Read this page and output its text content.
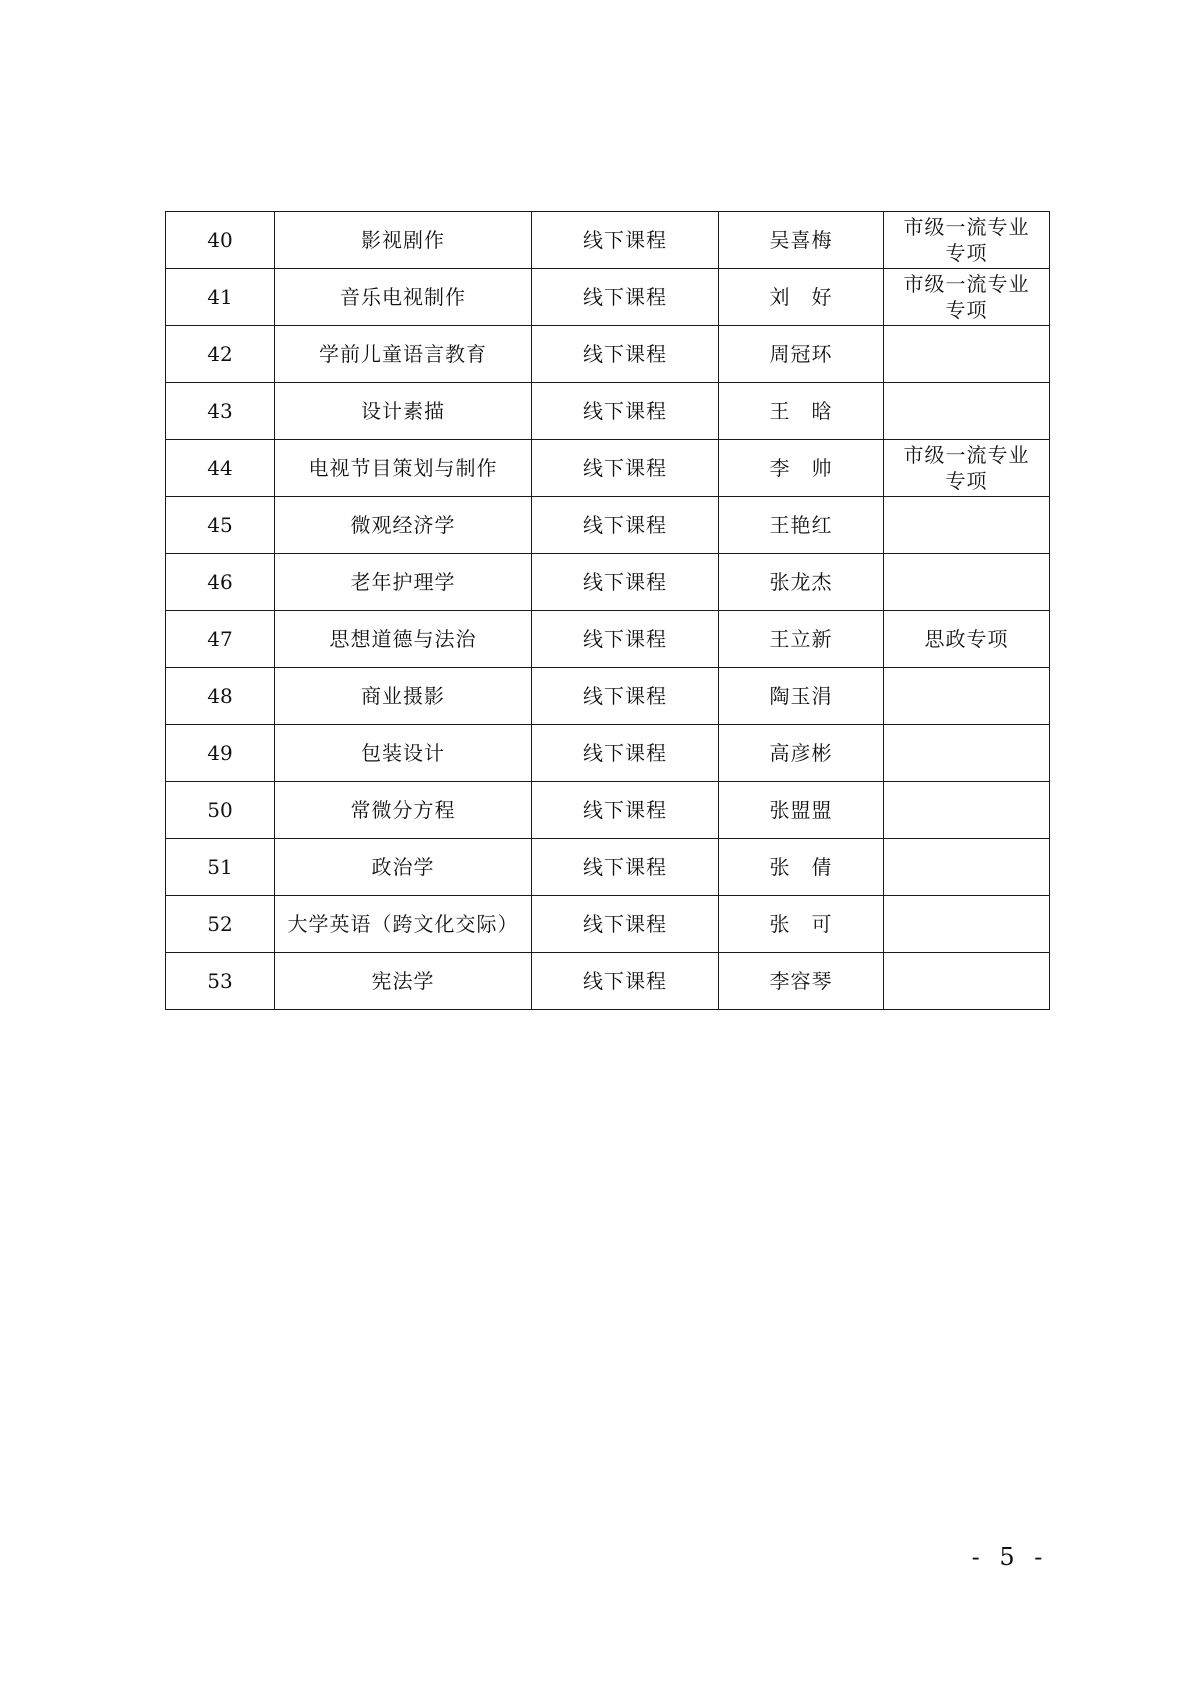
40	影视剧作	线下课程	吴喜梅	市级一流专业
专项

41	音乐电视制作	线下课程	刘　好	市级一流专业
专项

42	学前儿童语言教育	线下课程	周冠环	
43	设计素描	线下课程	王　晗	
44	电视节目策划与制作	线下课程	李　帅	市级一流专业
专项

45	微观经济学	线下课程	王艳红	
46	老年护理学	线下课程	张龙杰	
47	思想道德与法治	线下课程	王立新	思政专项

48	商业摄影	线下课程	陶玉涓	
49	包装设计	线下课程	高彦彬	
50	常微分方程	线下课程	张盟盟	
51	政治学	线下课程	张　倩	
52	大学英语（跨文化交际）	线下课程	张　可	
53	宪法学	线下课程	李容琴	
- 5 -
